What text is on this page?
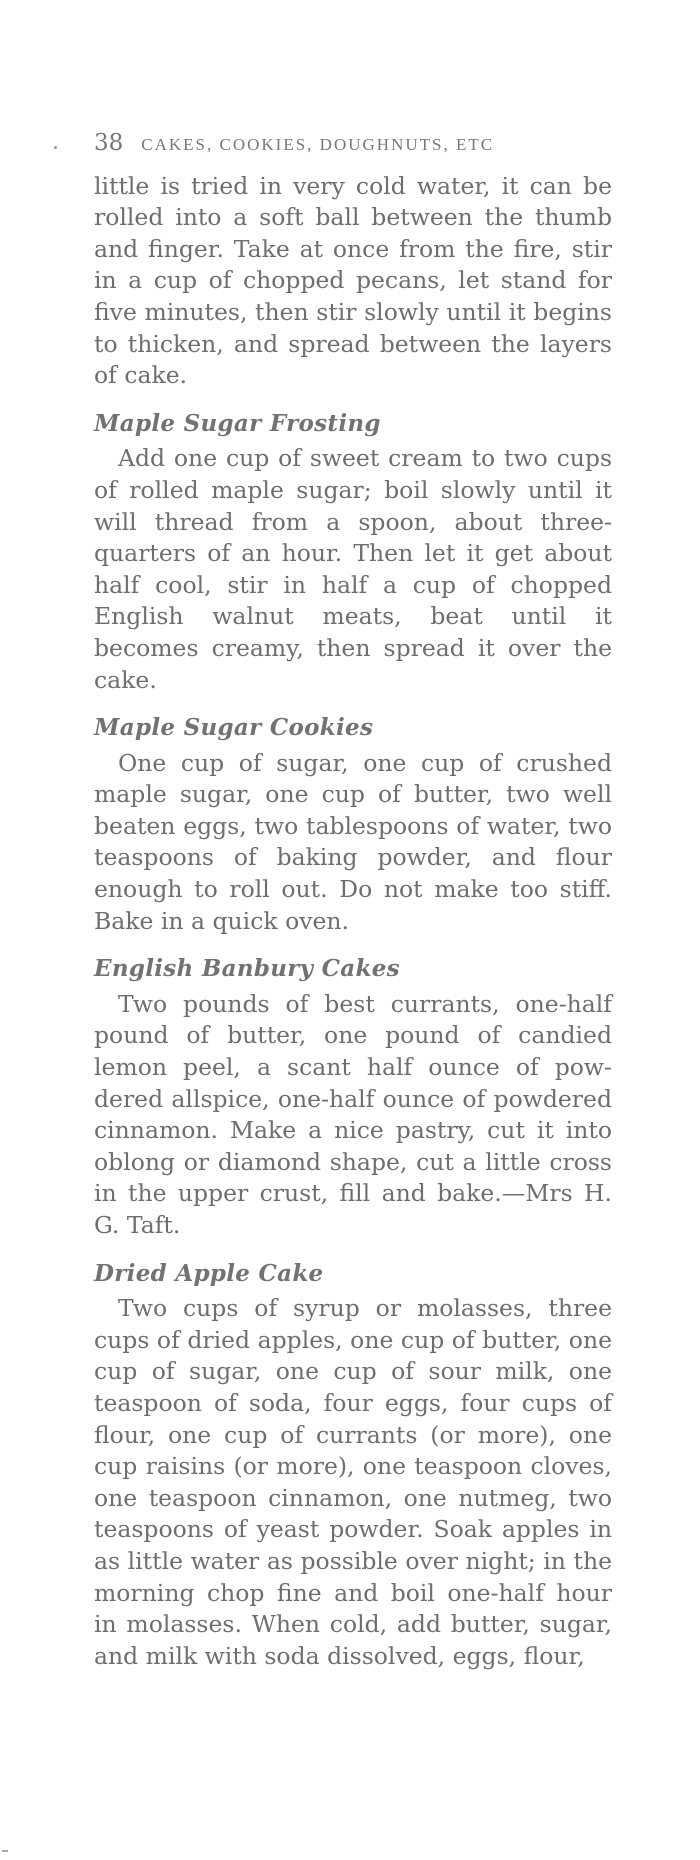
38 CAKES, COOKIES, DOUGHNUTS, ETC

little is tried in very cold water, it can be rolled into a soft ball between the thumb and finger. Take at once from the fire, stir in a cup of chopped pecans, let stand for five minutes, then stir slowly until it begins to thicken, and spread between the layers of cake.

Maple Sugar Frosting

Add one cup of sweet cream to two cups of rolled maple sugar; boil slowly until it will thread from a spoon, about three-quarters of an hour. Then let it get about half cool, stir in half a cup of chopped English walnut meats, beat until it becomes creamy, then spread it over the cake.

Maple Sugar Cookies

One cup of sugar, one cup of crushed maple sugar, one cup of butter, two well beaten eggs, two tablespoons of water, two teaspoons of baking powder, and flour enough to roll out. Do not make too stiff. Bake in a quick oven.

English Banbury Cakes

Two pounds of best currants, one-half pound of butter, one pound of candied lemon peel, a scant half ounce of powdered allspice, one-half ounce of powdered cinnamon. Make a nice pastry, cut it into oblong or diamond shape, cut a little cross in the upper crust, fill and bake.—Mrs H. G. Taft.

Dried Apple Cake

Two cups of syrup or molasses, three cups of dried apples, one cup of butter, one cup of sugar, one cup of sour milk, one teaspoon of soda, four eggs, four cups of flour, one cup of currants (or more), one cup raisins (or more), one teaspoon cloves, one teaspoon cinnamon, one nutmeg, two teaspoons of yeast powder. Soak apples in as little water as possible over night; in the morning chop fine and boil one-half hour in molasses. When cold, add butter, sugar, and milk with soda dissolved, eggs, flour,
